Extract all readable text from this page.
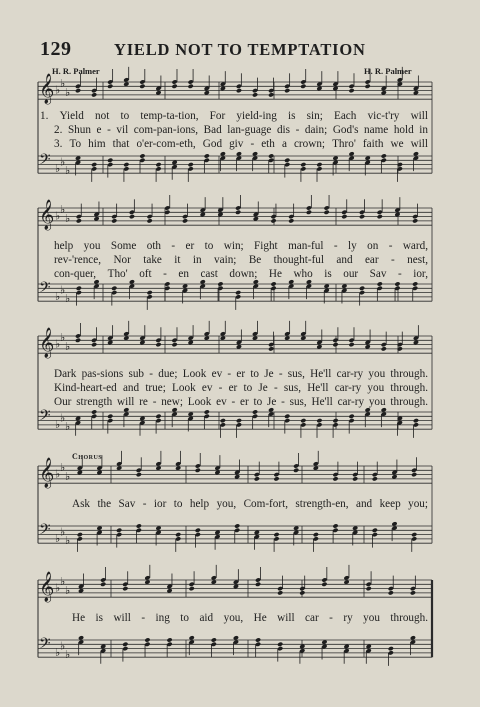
129	YIELD NOT TO TEMPTATION
H. R. Palmer	H. R. Palmer
𝄞 ♭ ♭
♭
𝄢 ♭ ♭
♭
𝄞 ♭ ♭
♭
𝄢 ♭ ♭
♭
𝄞 ♭ ♭
♭
𝄢 ♭ ♭
♭
𝄞 ♭ ♭
♭
𝄢 ♭ ♭
♭
𝄞 ♭ ♭
♭
𝄢 ♭ ♭
♭
1. Yield not to temp-ta-tion, For yield-ing is sin; Each vic-t'ry will
2. Shun e - vil com-pan-ions, Bad lan-guage dis - dain; God's name hold in
3. To him that o'er-com-eth, God giv - eth a crown; Thro' faith we will
help you Some oth - er to win; Fight man-ful - ly on - ward,
rev-'rence, Nor take it in vain; Be thought-ful and ear - nest,
con-quer, Tho' oft - en cast down; He who is our Sav - ior,
Dark pas-sions sub - due; Look ev - er to Je - sus, He'll car-ry you through.
Kind-heart-ed and true; Look ev - er to Je - sus, He'll car-ry you through.
Our strength will re - new; Look ev - er to Je - sus, He'll car-ry you through.
Chorus
Ask the Sav - ior to help you, Com-fort, strength-en, and keep you;
He is will - ing to aid you, He will car - ry you through.
